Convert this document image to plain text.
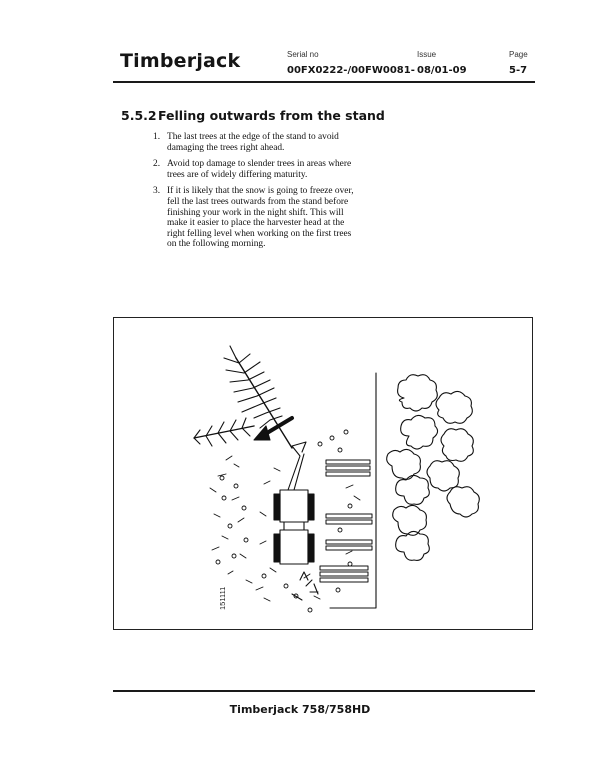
Timberjack	Serial no
00FX0222-/00FW0081-
Issue
08/01-09
Page
5-7
5.5.2Felling outwards from the stand
1. The last trees at the edge of the stand to avoid damaging the trees right ahead.
2. Avoid top damage to slender trees in areas where trees are of widely differing maturity.
3. If it is likely that the snow is going to freeze over, fell the last trees outwards from the stand before finishing your work in the night shift. This will make it easier to place the harvester head at the right felling level when working on the first trees on the following morning.
151111
Timberjack 758/758HD
